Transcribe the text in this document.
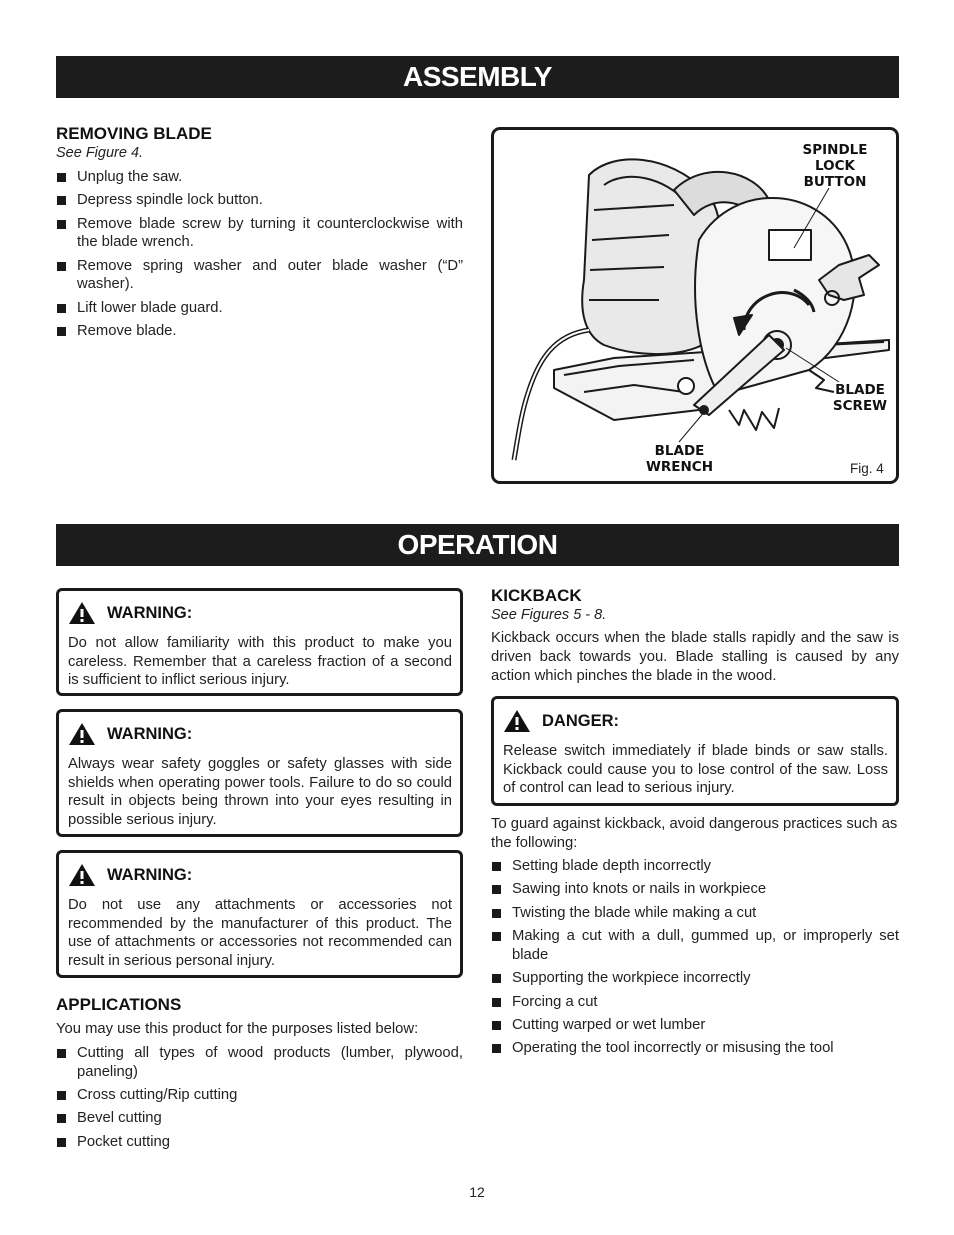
ASSEMBLY
REMOVING BLADE
See Figure 4.
Unplug the saw.
Depress spindle lock button.
Remove blade screw by turning it counterclockwise with the blade wrench.
Remove spring washer and outer blade washer (“D” washer).
Lift lower blade guard.
Remove blade.
SPINDLE LOCK BUTTON
BLADE SCREW
BLADE WRENCH	Fig. 4
OPERATION
WARNING:

Do not allow familiarity with this product to make you careless. Remember that a careless fraction of a second is sufficient to inflict serious injury.

WARNING:

Always wear safety goggles or safety glasses with side shields when operating power tools. Failure to do so could result in objects being thrown into your eyes resulting in possible serious injury.

WARNING:

Do not use any attachments or accessories not recommended by the manufacturer of this product. The use of attachments or accessories not recommended can result in serious personal injury.

APPLICATIONS

You may use this product for the purposes listed below:

Cutting all types of wood products (lumber, plywood, paneling)
Cross cutting/Rip cutting
Bevel cutting
Pocket cutting
KICKBACK
See Figures 5 - 8.

Kickback occurs when the blade stalls rapidly and the saw is driven back towards you. Blade stalling is caused by any action which pinches the blade in the wood.

DANGER:

Release switch immediately if blade binds or saw stalls. Kickback could cause you to lose control of the saw. Loss of control can lead to serious injury.

To guard against kickback, avoid dangerous practices such as the following:

Setting blade depth incorrectly
Sawing into knots or nails in workpiece
Twisting the blade while making a cut
Making a cut with a dull, gummed up, or improperly set blade
Supporting the workpiece incorrectly
Forcing a cut
Cutting warped or wet lumber
Operating the tool incorrectly or misusing the tool
12
